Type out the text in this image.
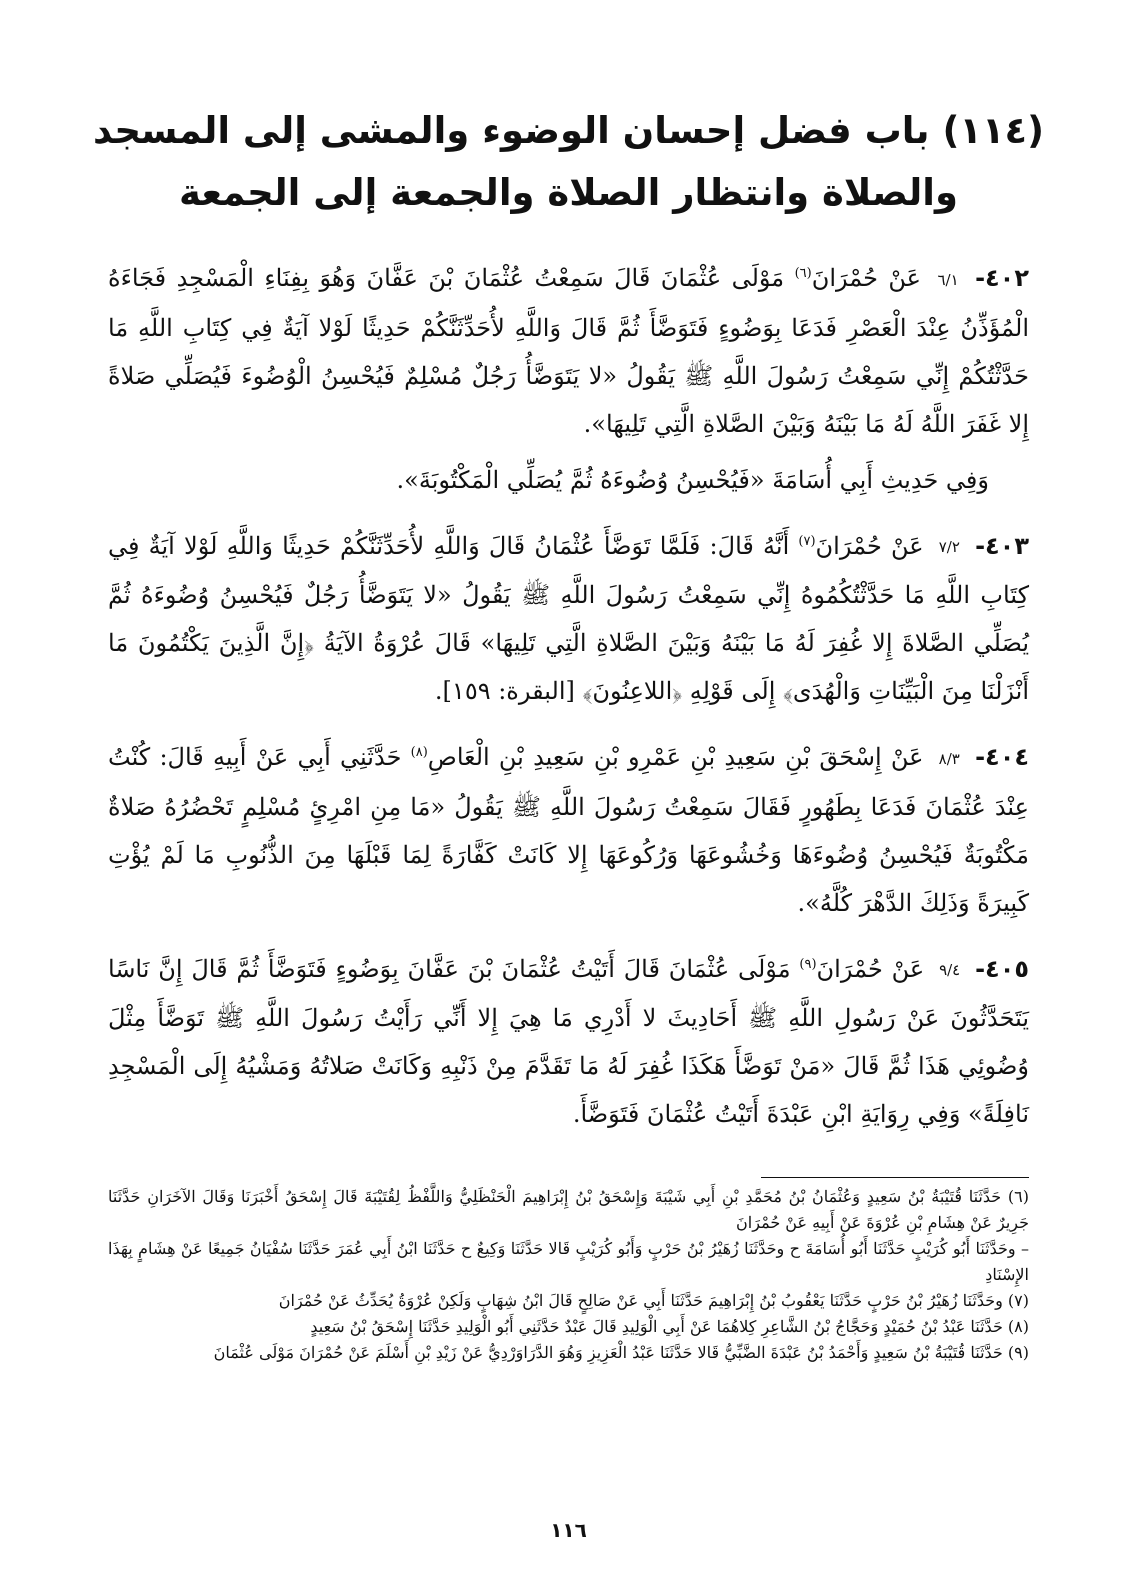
(١١٤) باب فضل إحسان الوضوء والمشى إلى المسجد
والصلاة وانتظار الصلاة والجمعة إلى الجمعة

٤٠٢- ٦/١ عَنْ حُمْرَانَ$^{(٦)}$ مَوْلَى عُثْمَانَ قَالَ سَمِعْتُ عُثْمَانَ بْنَ عَفَّانَ وَهُوَ بِفِنَاءِ الْمَسْجِدِ فَجَاءَهُ الْمُؤَذِّنُ عِنْدَ الْعَصْرِ فَدَعَا بِوَضُوءٍ فَتَوَضَّأَ ثُمَّ قَالَ وَاللَّهِ لأُحَدِّثَنَّكُمْ حَدِيثًا لَوْلا آيَةٌ فِي كِتَابِ اللَّهِ مَا حَدَّثْتُكُمْ إِنِّي سَمِعْتُ رَسُولَ اللَّهِ ﷺ يَقُولُ «لا يَتَوَضَّأُ رَجُلٌ مُسْلِمٌ فَيُحْسِنُ الْوُضُوءَ فَيُصَلِّي صَلاةً إِلا غَفَرَ اللَّهُ لَهُ مَا بَيْنَهُ وَبَيْنَ الصَّلاةِ الَّتِي تَلِيهَا».

وَفِي حَدِيثِ أَبِي أُسَامَةَ «فَيُحْسِنُ وُضُوءَهُ ثُمَّ يُصَلِّي الْمَكْتُوبَةَ».

٤٠٣- ٧/٢ عَنْ حُمْرَانَ$^{(٧)}$ أَنَّهُ قَالَ: فَلَمَّا تَوَضَّأَ عُثْمَانُ قَالَ وَاللَّهِ لأُحَدِّثَنَّكُمْ حَدِيثًا وَاللَّهِ لَوْلا آيَةٌ فِي كِتَابِ اللَّهِ مَا حَدَّثْتُكُمُوهُ إِنِّي سَمِعْتُ رَسُولَ اللَّهِ ﷺ يَقُولُ «لا يَتَوَضَّأُ رَجُلٌ فَيُحْسِنُ وُضُوءَهُ ثُمَّ يُصَلِّي الصَّلاةَ إِلا غُفِرَ لَهُ مَا بَيْنَهُ وَبَيْنَ الصَّلاةِ الَّتِي تَلِيهَا» قَالَ عُرْوَةُ الآيَةُ ﴿إِنَّ الَّذِينَ يَكْتُمُونَ مَا أَنْزَلْنَا مِنَ الْبَيِّنَاتِ وَالْهُدَى﴾ إِلَى قَوْلِهِ ﴿اللاعِنُونَ﴾ [البقرة: ١٥٩].

٤٠٤- ٨/٣ عَنْ إِسْحَقَ بْنِ سَعِيدِ بْنِ عَمْرِو بْنِ سَعِيدِ بْنِ الْعَاصِ$^{(٨)}$ حَدَّثَنِي أَبِي عَنْ أَبِيهِ قَالَ: كُنْتُ عِنْدَ عُثْمَانَ فَدَعَا بِطَهُورٍ فَقَالَ سَمِعْتُ رَسُولَ اللَّهِ ﷺ يَقُولُ «مَا مِنِ امْرِئٍ مُسْلِمٍ تَحْضُرُهُ صَلاةٌ مَكْتُوبَةٌ فَيُحْسِنُ وُضُوءَهَا وَخُشُوعَهَا وَرُكُوعَهَا إِلا كَانَتْ كَفَّارَةً لِمَا قَبْلَهَا مِنَ الذُّنُوبِ مَا لَمْ يُؤْتِ كَبِيرَةً وَذَلِكَ الدَّهْرَ كُلَّهُ».

٤٠٥- ٩/٤ عَنْ حُمْرَانَ$^{(٩)}$ مَوْلَى عُثْمَانَ قَالَ أَتَيْتُ عُثْمَانَ بْنَ عَفَّانَ بِوَضُوءٍ فَتَوَضَّأَ ثُمَّ قَالَ إِنَّ نَاسًا يَتَحَدَّثُونَ عَنْ رَسُولِ اللَّهِ ﷺ أَحَادِيثَ لا أَدْرِي مَا هِيَ إِلا أَنِّي رَأَيْتُ رَسُولَ اللَّهِ ﷺ تَوَضَّأَ مِثْلَ وُضُوئِي هَذَا ثُمَّ قَالَ «مَنْ تَوَضَّأَ هَكَذَا غُفِرَ لَهُ مَا تَقَدَّمَ مِنْ ذَنْبِهِ وَكَانَتْ صَلاتُهُ وَمَشْيُهُ إِلَى الْمَسْجِدِ نَافِلَةً» وَفِي رِوَايَةِ ابْنِ عَبْدَةَ أَتَيْتُ عُثْمَانَ فَتَوَضَّأَ.

(٦) حَدَّثَنَا قُتَيْبَةُ بْنُ سَعِيدٍ وَعُثْمَانُ بْنُ مُحَمَّدِ بْنِ أَبِي شَيْبَةَ وَإِسْحَقُ بْنُ إِبْرَاهِيمَ الْحَنْظَلِيُّ وَاللَّفْظُ لِقُتَيْبَةَ قَالَ إِسْحَقُ أَخْبَرَنَا وَقَالَ الآخَرَانِ حَدَّثَنَا جَرِيرٌ عَنْ هِشَامِ بْنِ عُرْوَةَ عَنْ أَبِيهِ عَنْ حُمْرَانَ

– وحَدَّثَنَا أَبُو كُرَيْبٍ حَدَّثَنَا أَبُو أُسَامَةَ ح وحَدَّثَنَا زُهَيْرُ بْنُ حَرْبٍ وَأَبُو كُرَيْبٍ قَالا حَدَّثَنَا وَكِيعٌ ح حَدَّثَنَا ابْنُ أَبِي عُمَرَ حَدَّثَنَا سُفْيَانُ جَمِيعًا عَنْ هِشَامٍ بِهَذَا الإِسْنَادِ

(٧) وحَدَّثَنَا زُهَيْرُ بْنُ حَرْبٍ حَدَّثَنَا يَعْقُوبُ بْنُ إِبْرَاهِيمَ حَدَّثَنَا أَبِي عَنْ صَالِحٍ قَالَ ابْنُ شِهَابٍ وَلَكِنْ عُرْوَةُ يُحَدِّثُ عَنْ حُمْرَانَ

(٨) حَدَّثَنَا عَبْدُ بْنُ حُمَيْدٍ وَحَجَّاجُ بْنُ الشَّاعِرِ كِلاهُمَا عَنْ أَبِي الْوَلِيدِ قَالَ عَبْدٌ حَدَّثَنِي أَبُو الْوَلِيدِ حَدَّثَنَا إِسْحَقُ بْنُ سَعِيدٍ

(٩) حَدَّثَنَا قُتَيْبَةُ بْنُ سَعِيدٍ وَأَحْمَدُ بْنُ عَبْدَةَ الضَّبِّيُّ قَالا حَدَّثَنَا عَبْدُ الْعَزِيزِ وَهُوَ الدَّرَاوَرْدِيُّ عَنْ زَيْدِ بْنِ أَسْلَمَ عَنْ حُمْرَانَ مَوْلَى عُثْمَانَ

١١٦
